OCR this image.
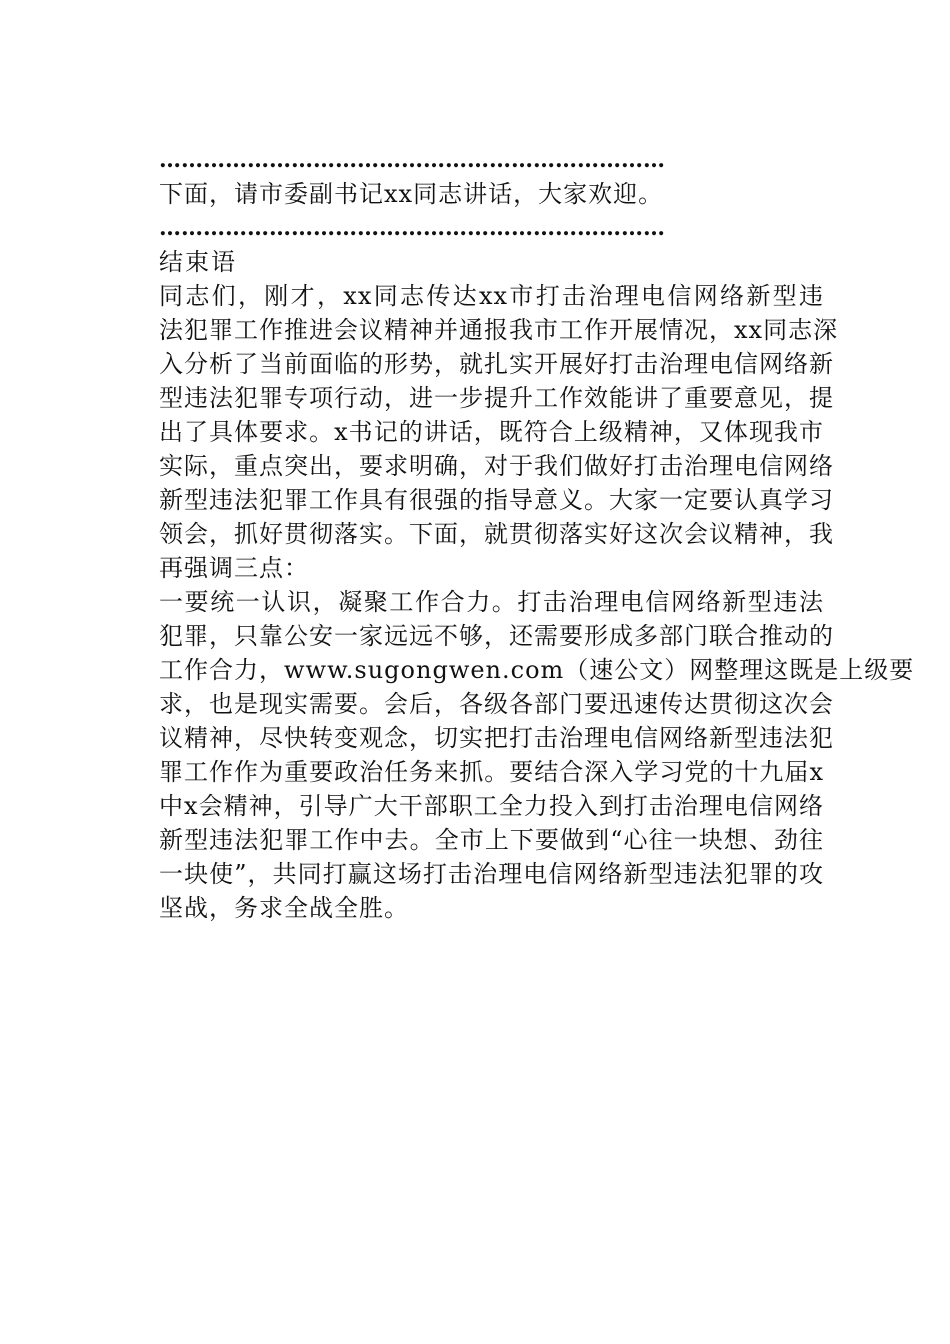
……………………………………………………………
下面，请市委副书记xx同志讲话，大家欢迎。
……………………………………………………………
结束语
同志们，刚才，xx同志传达xx市打击治理电信网络新型违
法犯罪工作推进会议精神并通报我市工作开展情况，xx同志深
入分析了当前面临的形势，就扎实开展好打击治理电信网络新
型违法犯罪专项行动，进一步提升工作效能讲了重要意见，提
出了具体要求。x书记的讲话，既符合上级精神，又体现我市
实际，重点突出，要求明确，对于我们做好打击治理电信网络
新型违法犯罪工作具有很强的指导意义。大家一定要认真学习
领会，抓好贯彻落实。下面，就贯彻落实好这次会议精神，我
再强调三点：
一要统一认识，凝聚工作合力。打击治理电信网络新型违法
犯罪，只靠公安一家远远不够，还需要形成多部门联合推动的
工作合力，www.sugongwen.com（速公文）网整理这既是上级要
求，也是现实需要。会后，各级各部门要迅速传达贯彻这次会
议精神，尽快转变观念，切实把打击治理电信网络新型违法犯
罪工作作为重要政治任务来抓。要结合深入学习党的十九届x
中x会精神，引导广大干部职工全力投入到打击治理电信网络
新型违法犯罪工作中去。全市上下要做到“心往一块想、劲往
一块使”，共同打赢这场打击治理电信网络新型违法犯罪的攻
坚战，务求全战全胜。
